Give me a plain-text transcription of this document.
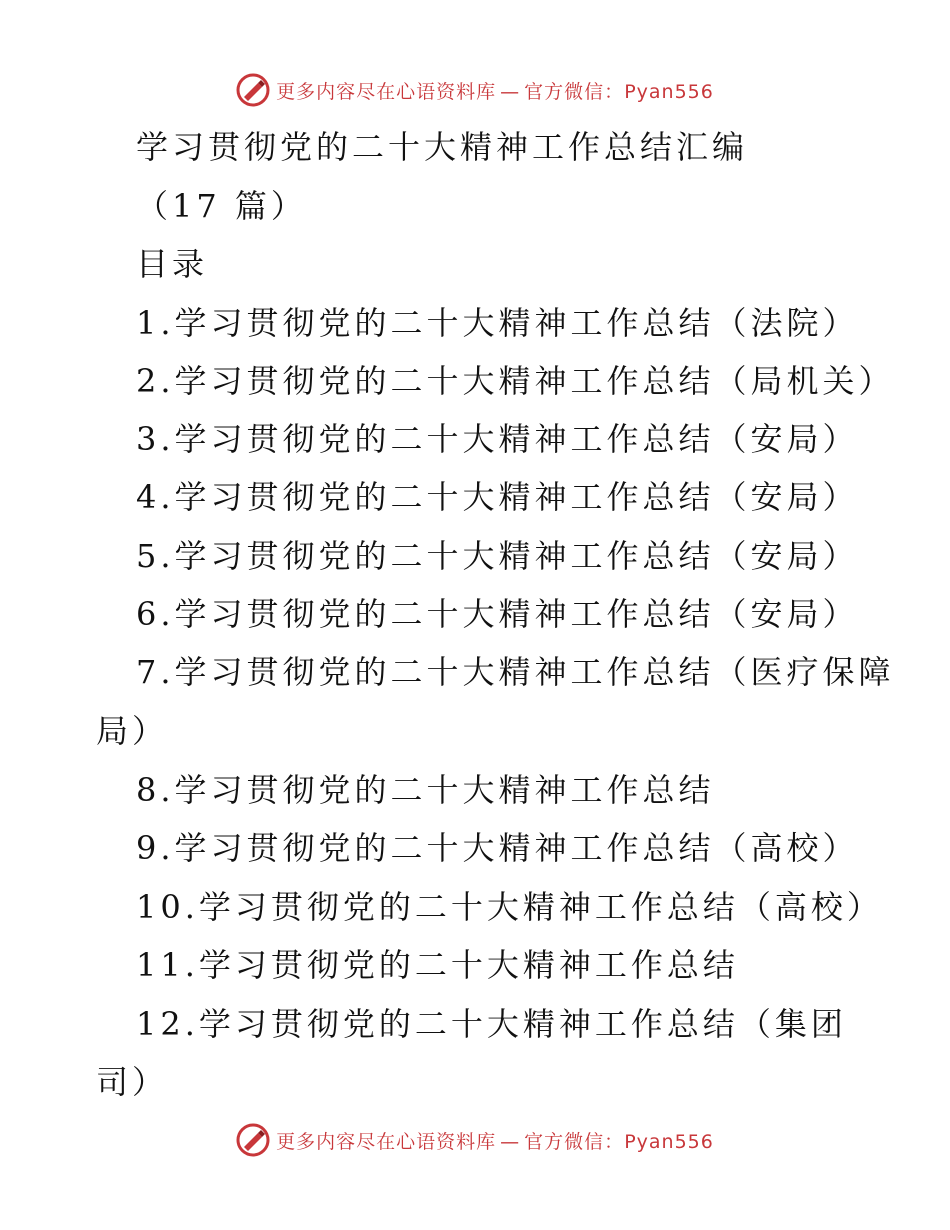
更多内容尽在心语资料库 — 官方微信： Pyan556
学习贯彻党的二十大精神工作总结汇编
（17 篇）
目录
1.学习贯彻党的二十大精神工作总结（法院）
2.学习贯彻党的二十大精神工作总结（局机关）
3.学习贯彻党的二十大精神工作总结（安局）
4.学习贯彻党的二十大精神工作总结（安局）
5.学习贯彻党的二十大精神工作总结（安局）
6.学习贯彻党的二十大精神工作总结（安局）
7.学习贯彻党的二十大精神工作总结（医疗保障
局）
8.学习贯彻党的二十大精神工作总结
9.学习贯彻党的二十大精神工作总结（高校）
10.学习贯彻党的二十大精神工作总结（高校）
11.学习贯彻党的二十大精神工作总结
12.学习贯彻党的二十大精神工作总结（集团
司）
更多内容尽在心语资料库 — 官方微信： Pyan556
